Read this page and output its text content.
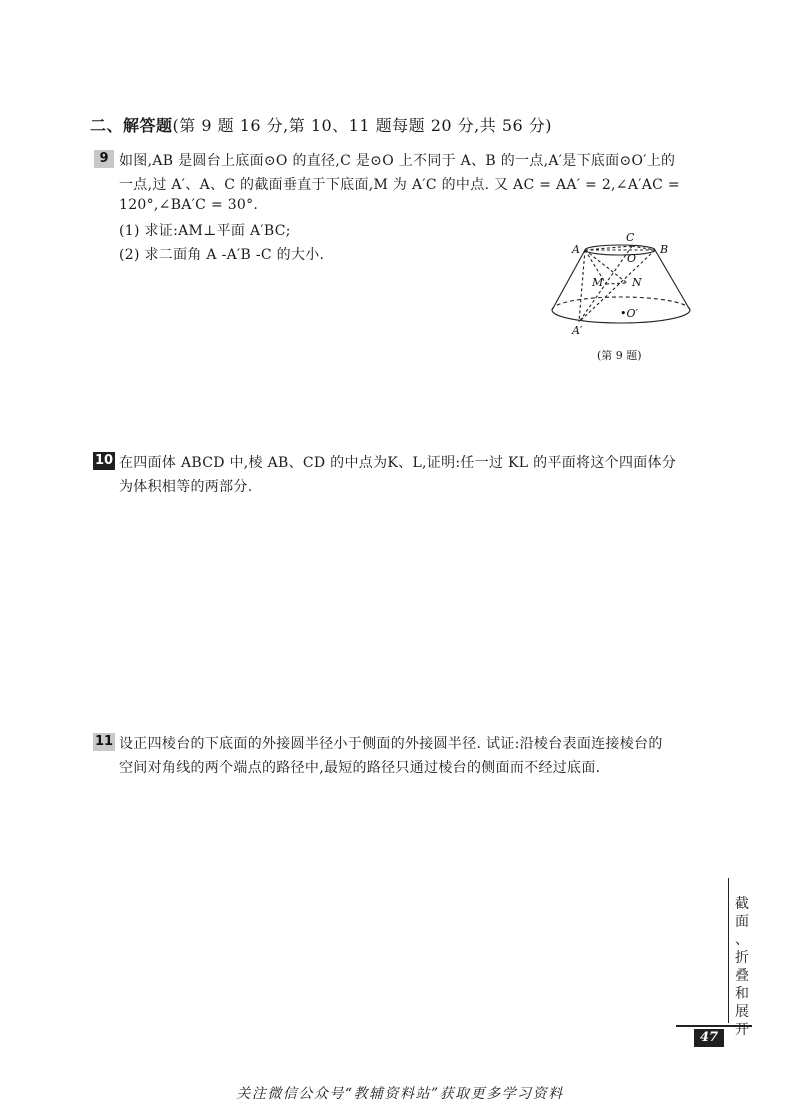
二、解答题(第 9 题 16 分,第 10、11 题每题 20 分,共 56 分)
9 如图,AB 是圆台上底面⊙O 的直径,C 是⊙O 上不同于 A、B 的一点,A′是下底面⊙O′上的
一点,过 A′、A、C 的截面垂直于下底面,M 为 A′C 的中点. 又 AC = AA′ = 2,∠A′AC =
120°,∠BA′C = 30°.
(1) 求证:AM⊥平面 A′BC;
(2) 求二面角 A -A′B -C 的大小.	A	B
C
O
M	N
A′
•O′
(第 9 题)
10 在四面体 ABCD 中,棱 AB、CD 的中点为K、L,证明:任一过 KL 的平面将这个四面体分
为体积相等的两部分.
11 设正四棱台的下底面的外接圆半径小于侧面的外接圆半径. 试证:沿棱台表面连接棱台的
空间对角线的两个端点的路径中,最短的路径只通过棱台的侧面而不经过底面.
截面、折叠和展开
47
关注微信公众号“教辅资料站”获取更多学习资料
